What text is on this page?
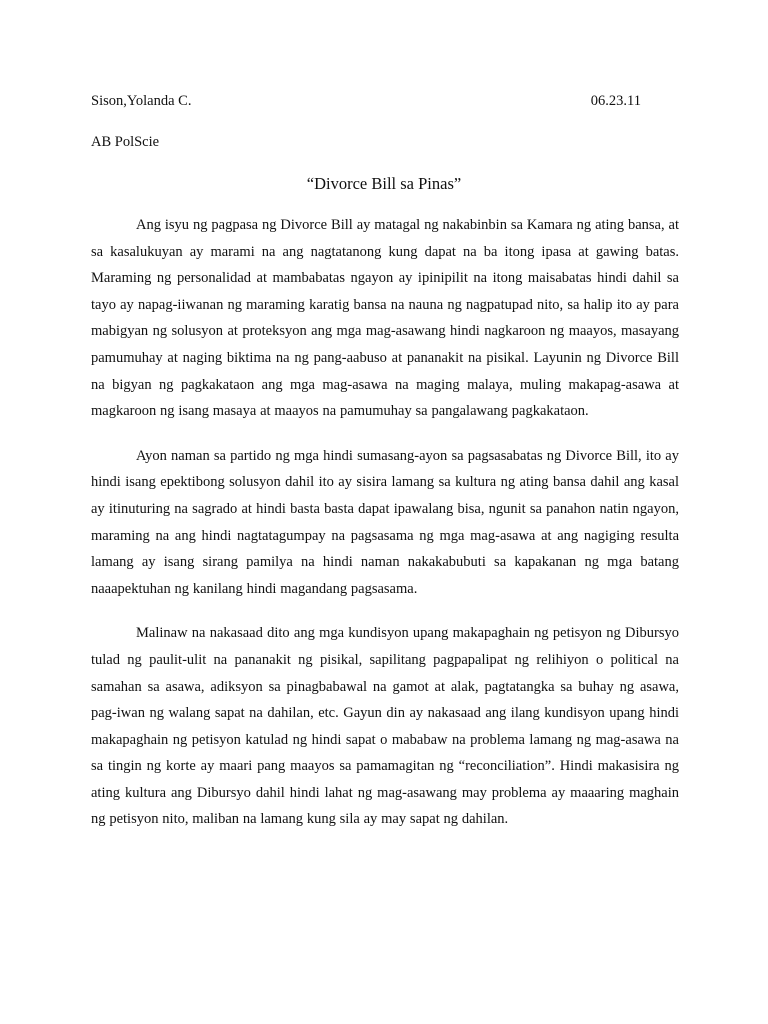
Sison,Yolanda C.	06.23.11
AB PolScie
“Divorce Bill sa Pinas”

Ang isyu ng pagpasa ng Divorce Bill ay matagal ng nakabinbin sa Kamara ng ating bansa, at sa kasalukuyan ay marami na ang nagtatanong kung dapat na ba itong ipasa at gawing batas. Maraming ng personalidad at mambabatas ngayon ay ipinipilit na itong maisabatas hindi dahil sa tayo ay napag-iiwanan ng maraming karatig bansa na nauna ng nagpatupad nito, sa halip ito ay para mabigyan ng solusyon at proteksyon ang mga mag-asawang hindi nagkaroon ng maayos, masayang pamumuhay at naging biktima na ng pang-aabuso at pananakit na pisikal. Layunin ng Divorce Bill na bigyan ng pagkakataon ang mga mag-asawa na maging malaya, muling makapag-asawa at magkaroon ng isang masaya at maayos na pamumuhay sa pangalawang pagkakataon.

Ayon naman sa partido ng mga hindi sumasang-ayon sa pagsasabatas ng Divorce Bill, ito ay hindi isang epektibong solusyon dahil ito ay sisira lamang sa kultura ng ating bansa dahil ang kasal ay itinuturing na sagrado at hindi basta basta dapat ipawalang bisa, ngunit sa panahon natin ngayon, maraming na ang hindi nagtatagumpay na pagsasama ng mga mag-asawa at ang nagiging resulta lamang ay isang sirang pamilya na hindi naman nakakabubuti sa kapakanan ng mga batang naaapektuhan ng kanilang hindi magandang pagsasama.

Malinaw na nakasaad dito ang mga kundisyon upang makapaghain ng petisyon ng Dibursyo tulad ng paulit-ulit na pananakit ng pisikal, sapilitang pagpapalipat ng relihiyon o political na samahan sa asawa, adiksyon sa pinagbabawal na gamot at alak, pagtatangka sa buhay ng asawa, pag-iwan ng walang sapat na dahilan, etc. Gayun din ay nakasaad ang ilang kundisyon upang hindi makapaghain ng petisyon katulad ng hindi sapat o mababaw na problema lamang ng mag-asawa na sa tingin ng korte ay maari pang maayos sa pamamagitan ng “reconciliation”. Hindi makasisira ng ating kultura ang Dibursyo dahil hindi lahat ng mag-asawang may problema ay maaaring maghain ng petisyon nito, maliban na lamang kung sila ay may sapat ng dahilan.
